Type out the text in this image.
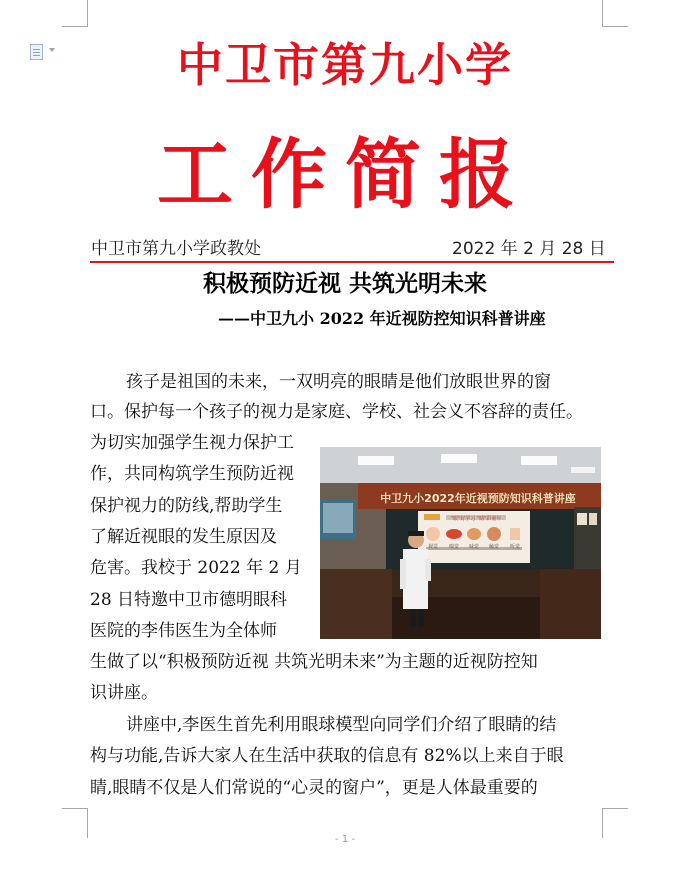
中卫市第九小学
工作简报
中卫市第九小学政教处	2022 年 2 月 28 日
积极预防近视 共筑光明未来
——中卫九小 2022 年近视防控知识科普讲座
孩子是祖国的未来，一双明亮的眼睛是他们放眼世界的窗
口。保护每一个孩子的视力是家庭、学校、社会义不容辞的责任。
为切实加强学生视力保护工
作，共同构筑学生预防近视
保护视力的防线,帮助学生
了解近视眼的发生原因及
危害。我校于 2022 年 2 月
28 日特邀中卫市德明眼科
医院的李伟医生为全体师
生做了以“积极预防近视 共筑光明未来”为主题的近视防控知
识讲座。
讲座中,李医生首先利用眼球模型向同学们介绍了眼睛的结
构与功能,告诉大家人在生活中获取的信息有 82%以上来自于眼
睛,眼睛不仅是人们常说的“心灵的窗户”，更是人体最重要的
中卫九小2022年近视预防知识科普讲座
"眼"好学习 "睛"彩童年
视觉 嗅觉 味觉 触觉 听觉
- 1 -
